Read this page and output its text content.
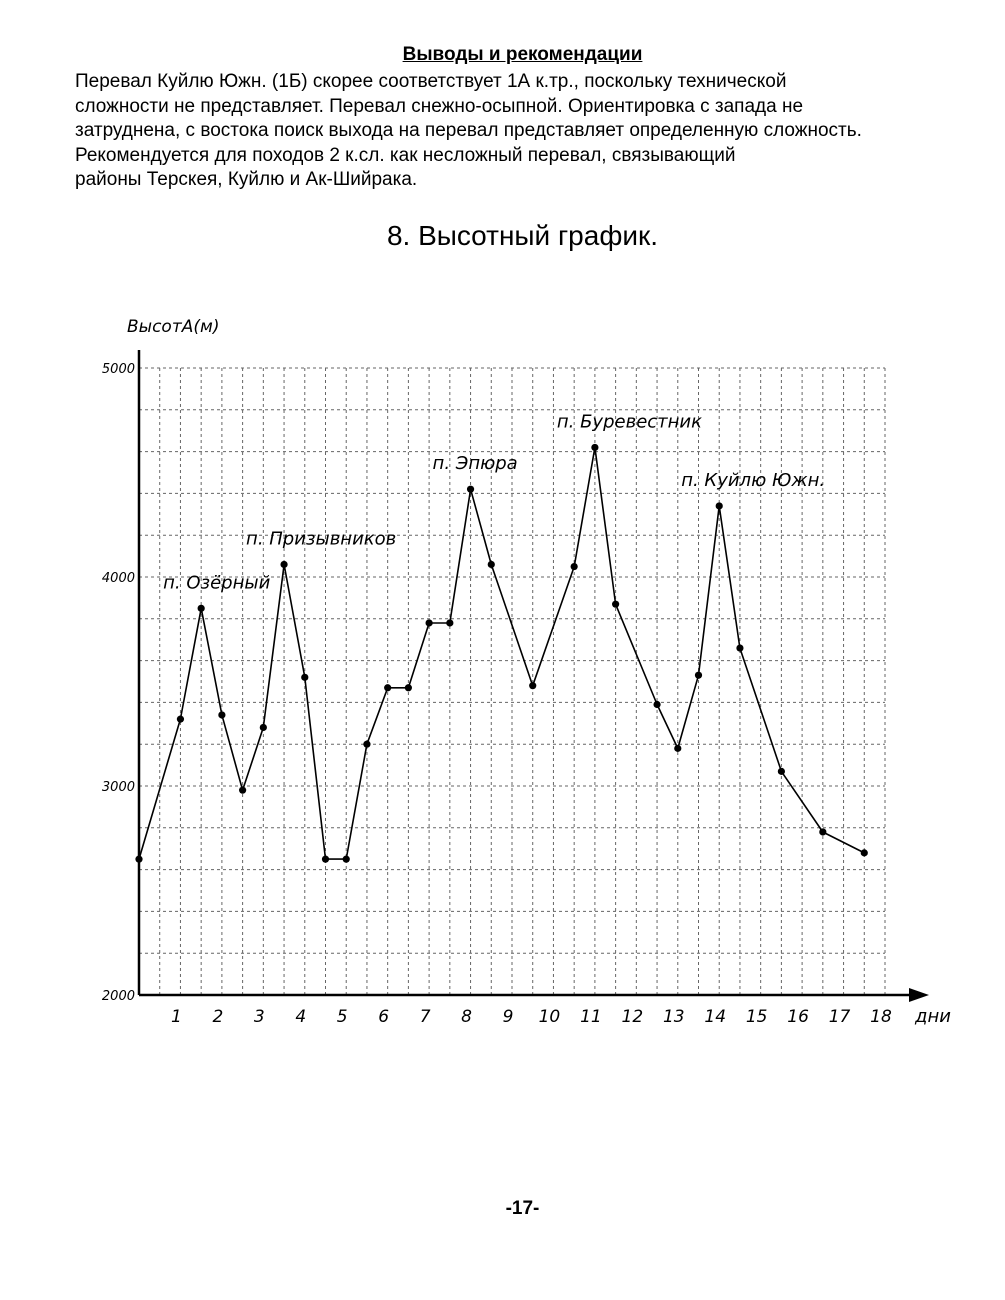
Выводы и рекомендации

Перевал Куйлю Южн. (1Б) скорее соответствует 1А к.тр., поскольку технической
сложности не представляет. Перевал снежно-осыпной. Ориентировка с запада не
затруднена, с востока поиск выхода на перевал представляет определенную сложность.
Рекомендуется для походов 2 к.сл. как несложный перевал, связывающий
районы Терскея, Куйлю и Ак-Шийрака.

8. Высотный график.
2000
3000
4000
5000
1 2 3 4 5 6 7 8 9 10 11 12 13 14 15 16 17 18
ВысотА(м)
дни
п. Озёрный
п. Призывников
п. Эпюра
п. Буревестник
п. Куйлю Южн.
-17-
